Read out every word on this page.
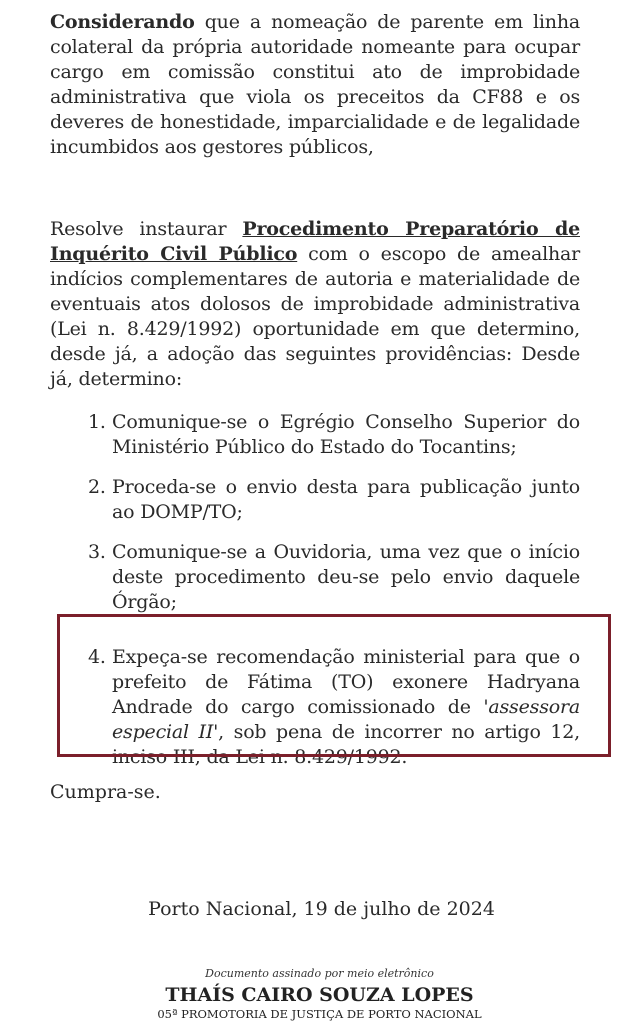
Considerando que a nomeação de parente em linha colateral da própria autoridade nomeante para ocupar cargo em comissão constitui ato de improbidade administrativa que viola os preceitos da CF88 e os deveres de honestidade, imparcialidade e de legalidade incumbidos aos gestores públicos,

Resolve instaurar Procedimento Preparatório de Inquérito Civil Público com o escopo de amealhar indícios complementares de autoria e materialidade de eventuais atos dolosos de improbidade administrativa (Lei n. 8.429/1992) oportunidade em que determino, desde já, a adoção das seguintes providências: Desde já, determino:

1. Comunique-se o Egrégio Conselho Superior do Ministério Público do Estado do Tocantins;
2. Proceda-se o envio desta para publicação junto ao DOMP/TO;
3. Comunique-se a Ouvidoria, uma vez que o início deste procedimento deu-se pelo envio daquele Órgão;
4. Expeça-se recomendação ministerial para que o prefeito de Fátima (TO) exonere Hadryana Andrade do cargo comissionado de 'assessora especial II', sob pena de incorrer no artigo 12, inciso III, da Lei n. 8.429/1992.
Cumpra-se.
Porto Nacional, 19 de julho de 2024
Documento assinado por meio eletrônico
THAÍS CAIRO SOUZA LOPES
05ª PROMOTORIA DE JUSTIÇA DE PORTO NACIONAL
